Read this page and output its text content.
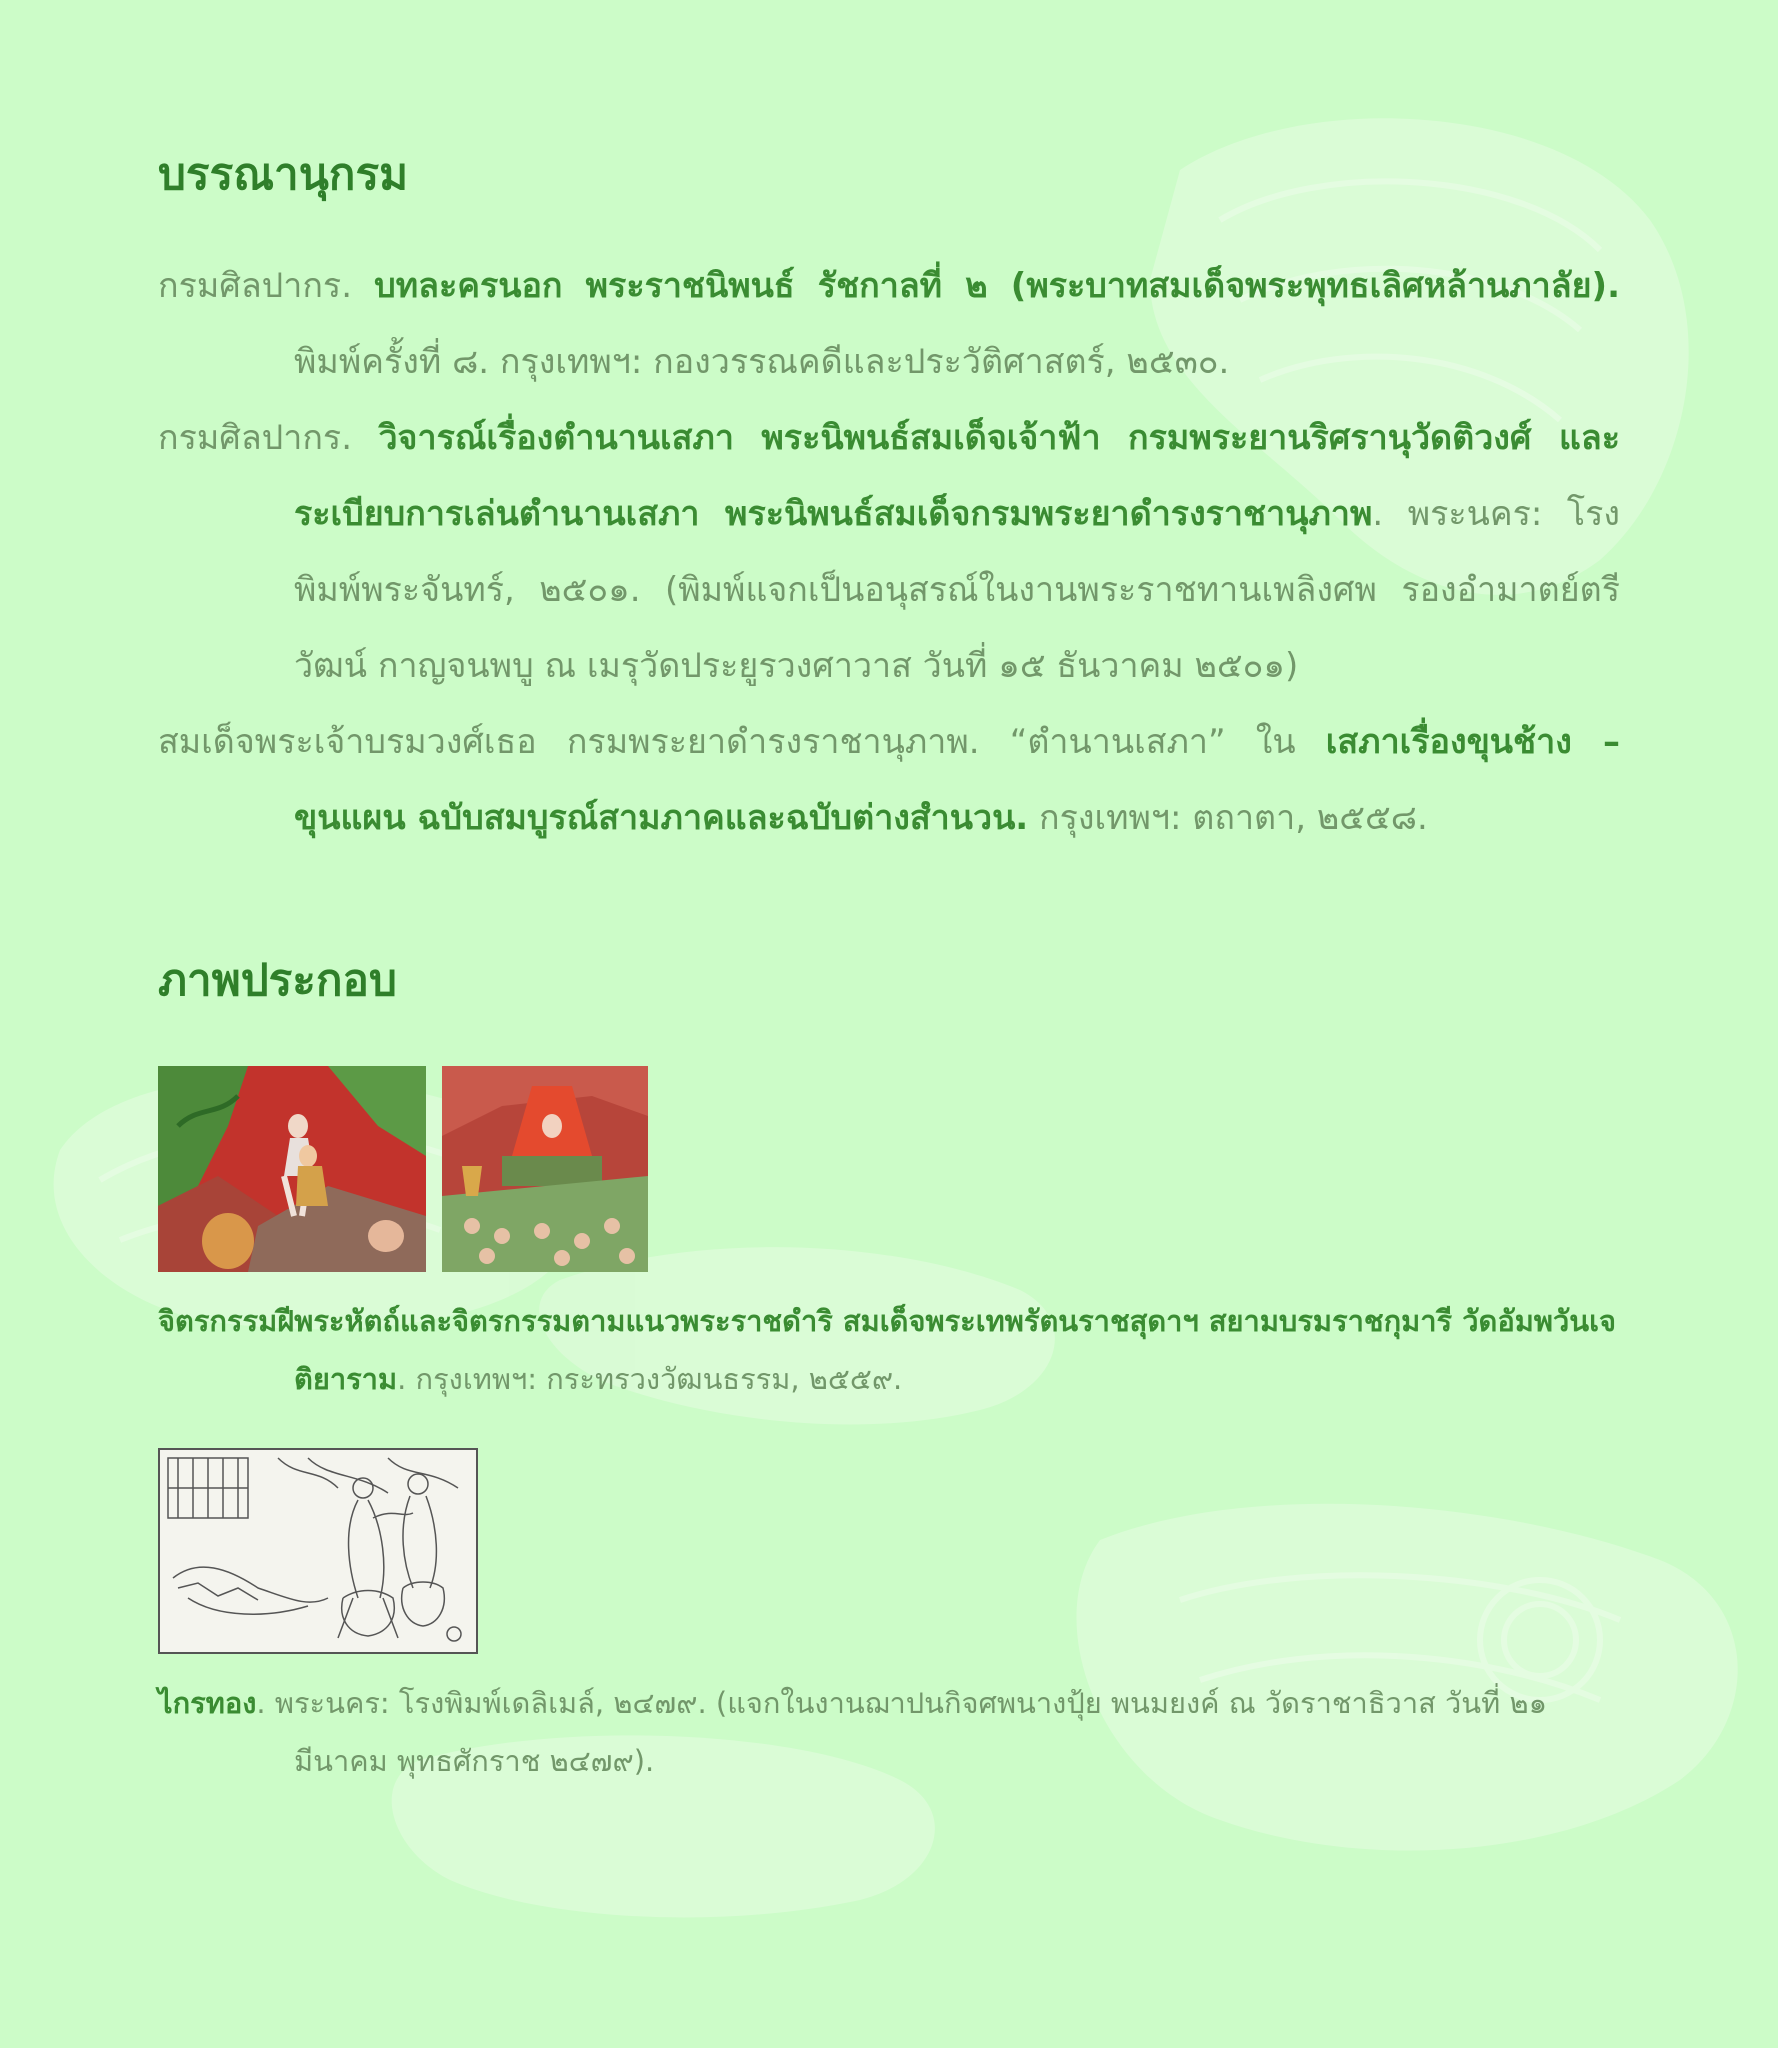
บรรณานุกรม

กรมศิลปากร. บทละครนอก พระราชนิพนธ์ รัชกาลที่ ๒ (พระบาทสมเด็จพระพุทธเลิศหล้านภาลัย). พิมพ์ครั้งที่ ๘. กรุงเทพฯ: กองวรรณคดีและประวัติศาสตร์, ๒๕๓๐.

กรมศิลปากร. วิจารณ์เรื่องตำนานเสภา พระนิพนธ์สมเด็จเจ้าฟ้า กรมพระยานริศรานุวัดติวงศ์ และ ระเบียบการเล่นตำนานเสภา พระนิพนธ์สมเด็จกรมพระยาดำรงราชานุภาพ. พระนคร: โรงพิมพ์พระจันทร์, ๒๕๐๑. (พิมพ์แจกเป็นอนุสรณ์ในงานพระราชทานเพลิงศพ รองอำมาตย์ตรีวัฒน์ กาญจนพบู ณ เมรุวัดประยูรวงศาวาส วันที่ ๑๕ ธันวาคม ๒๕๐๑)

สมเด็จพระเจ้าบรมวงศ์เธอ กรมพระยาดำรงราชานุภาพ. “ตำนานเสภา” ใน เสภาเรื่องขุนช้าง – ขุนแผน ฉบับสมบูรณ์สามภาคและฉบับต่างสำนวน. กรุงเทพฯ: ตถาตา, ๒๕๕๘.

ภาพประกอบ

จิตรกรรมฝีพระหัตถ์และจิตรกรรมตามแนวพระราชดำริ สมเด็จพระเทพรัตนราชสุดาฯ สยามบรมราชกุมารี วัดอัมพวันเจติยาราม. กรุงเทพฯ: กระทรวงวัฒนธรรม, ๒๕๕๙.

ไกรทอง. พระนคร: โรงพิมพ์เดลิเมล์, ๒๔๗๙. (แจกในงานฌาปนกิจศพนางปุ้ย พนมยงค์ ณ วัดราชาธิวาส วันที่ ๒๑ มีนาคม พุทธศักราช ๒๔๗๙).
